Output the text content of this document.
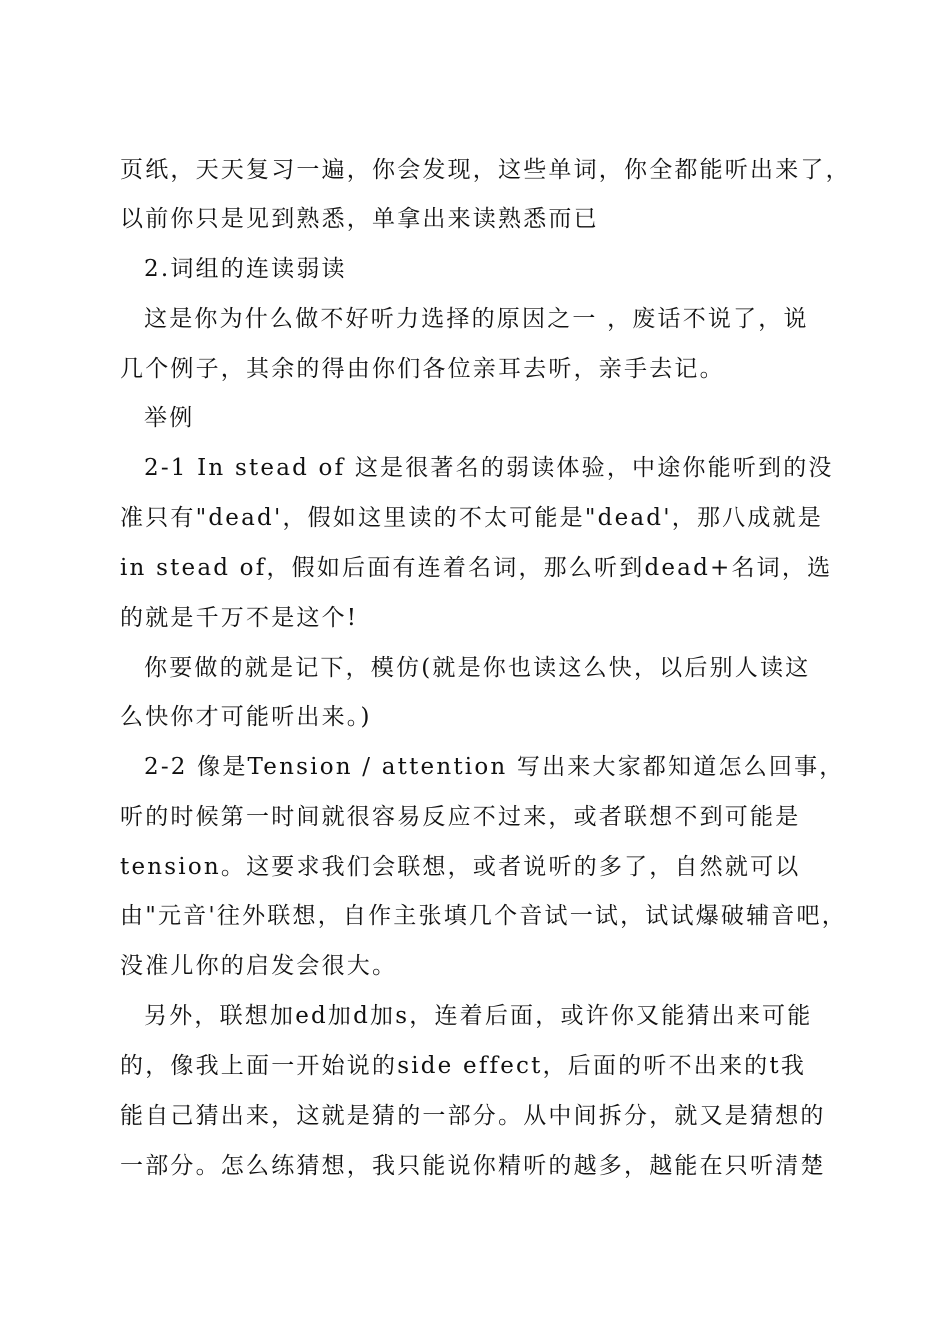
页纸，天天复习一遍，你会发现，这些单词，你全都能听出来了，
以前你只是见到熟悉，单拿出来读熟悉而已
2.词组的连读弱读
这是你为什么做不好听力选择的原因之一 ，废话不说了，说
几个例子，其余的得由你们各位亲耳去听，亲手去记。
举例
2-1 In stead of 这是很著名的弱读体验，中途你能听到的没
准只有"dead'，假如这里读的不太可能是"dead'，那八成就是
in stead of，假如后面有连着名词，那么听到dead+名词，选
的就是千万不是这个!
你要做的就是记下，模仿(就是你也读这么快，以后别人读这
么快你才可能听出来。)
2-2 像是Tension / attention 写出来大家都知道怎么回事，
听的时候第一时间就很容易反应不过来，或者联想不到可能是
tension。这要求我们会联想，或者说听的多了，自然就可以
由"元音'往外联想，自作主张填几个音试一试，试试爆破辅音吧，
没准儿你的启发会很大。
另外，联想加ed加d加s，连着后面，或许你又能猜出来可能
的，像我上面一开始说的side effect，后面的听不出来的t我
能自己猜出来，这就是猜的一部分。从中间拆分，就又是猜想的
一部分。怎么练猜想，我只能说你精听的越多，越能在只听清楚
